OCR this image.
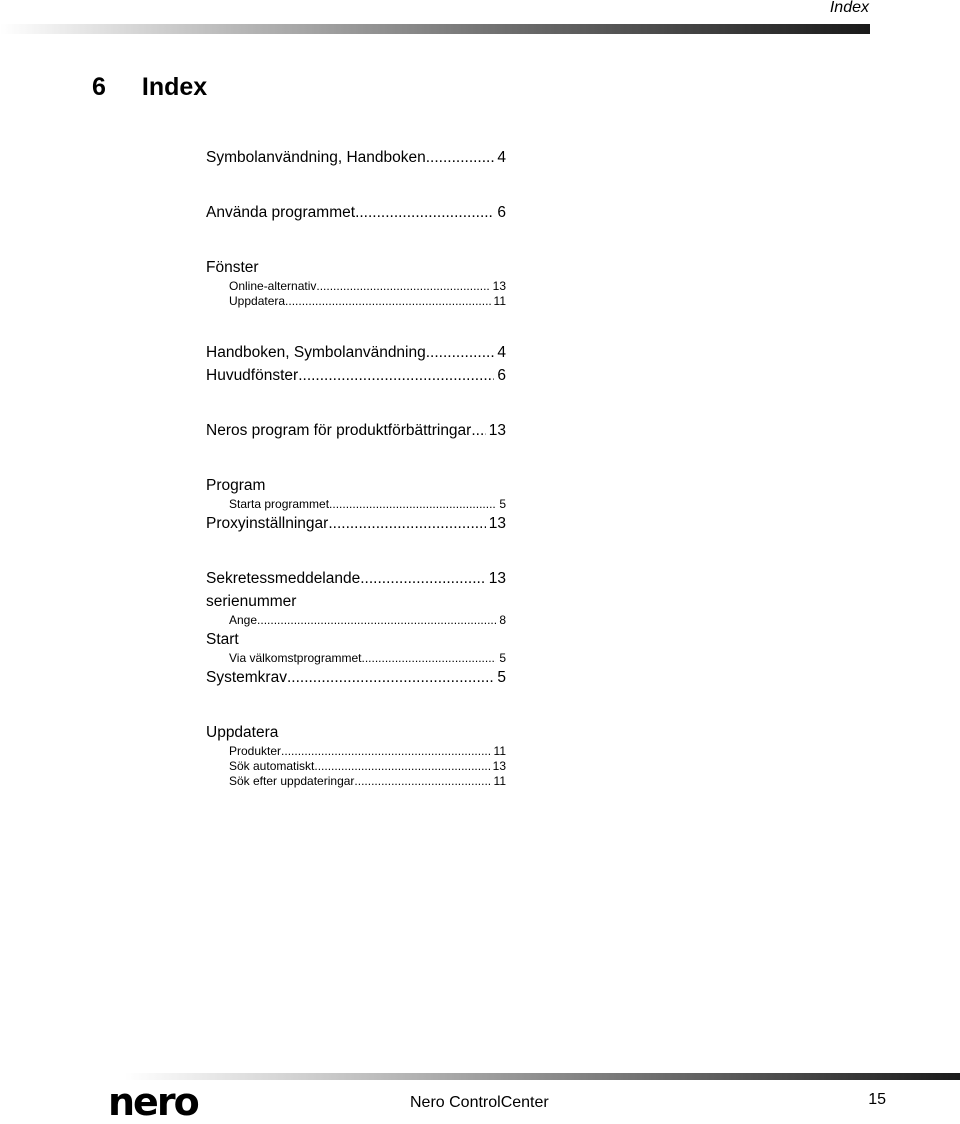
Index
6 Index
Symbolanvändning, Handboken .....	4
Använda programmet .....	6
Fönster
Online-alternativ .....	13
Uppdatera .....	11
Handboken, Symbolanvändning .....	4
Huvudfönster .....	6
Neros program för produktförbättringar ..... 13
Program
Starta programmet .....	5
Proxyinställningar .....	13
Sekretessmeddelande .....	13
serienummer
Ange .....	8
Start
Via välkomstprogrammet .....	5
Systemkrav .....	5
Uppdatera
Produkter .....	11
Sök automatiskt .....	13
Sök efter uppdateringar .....	11
nero	Nero ControlCenter	15
